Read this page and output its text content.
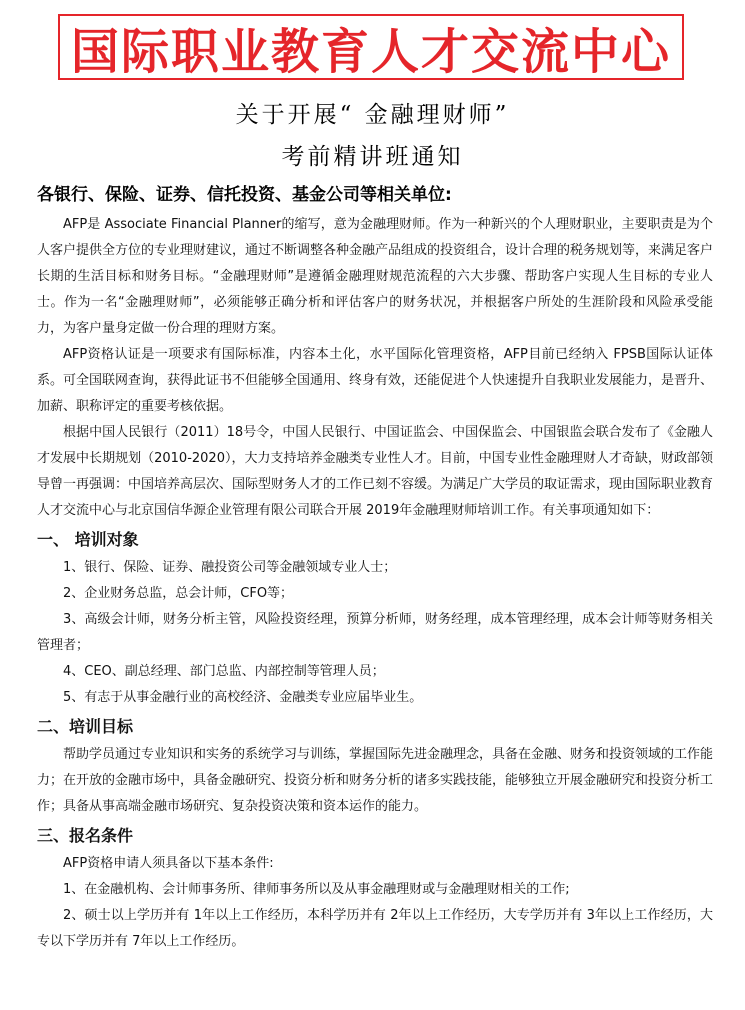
国际职业教育人才交流中心
关于开展“ 金融理财师”
考前精讲班通知
各银行、保险、证券、信托投资、基金公司等相关单位:

AFP是 Associate Financial Planner的缩写，意为金融理财师。作为一种新兴的个人理财职业，主要职责是为个人客户提供全方位的专业理财建议，通过不断调整各种金融产品组成的投资组合，设计合理的税务规划等，来满足客户长期的生活目标和财务目标。“金融理财师”是遵循金融理财规范流程的六大步骤、帮助客户实现人生目标的专业人士。作为一名“金融理财师”，必须能够正确分析和评估客户的财务状况，并根据客户所处的生涯阶段和风险承受能力，为客户量身定做一份合理的理财方案。

AFP资格认证是一项要求有国际标准，内容本土化，水平国际化管理资格，AFP目前已经纳入 FPSB国际认证体系。可全国联网查询，获得此证书不但能够全国通用、终身有效，还能促进个人快速提升自我职业发展能力，是晋升、加薪、职称评定的重要考核依据。

根据中国人民银行（2011）18号令，中国人民银行、中国证监会、中国保监会、中国银监会联合发布了《金融人才发展中长期规划（2010-2020），大力支持培养金融类专业性人才。目前，中国专业性金融理财人才奇缺，财政部领导曾一再强调：中国培养高层次、国际型财务人才的工作已刻不容缓。为满足广大学员的取证需求，现由国际职业教育人才交流中心与北京国信华源企业管理有限公司联合开展 2019年金融理财师培训工作。有关事项通知如下：

一、 培训对象

1、银行、保险、证券、融投资公司等金融领域专业人士；

2、企业财务总监，总会计师，CFO等；

3、高级会计师，财务分析主管，风险投资经理，预算分析师，财务经理，成本管理经理，成本会计师等财务相关管理者；

4、CEO、副总经理、部门总监、内部控制等管理人员；

5、有志于从事金融行业的高校经济、金融类专业应届毕业生。

二、培训目标

帮助学员通过专业知识和实务的系统学习与训练，掌握国际先进金融理念，具备在金融、财务和投资领域的工作能力；在开放的金融市场中，具备金融研究、投资分析和财务分析的诸多实践技能，能够独立开展金融研究和投资分析工作；具备从事高端金融市场研究、复杂投资决策和资本运作的能力。

三、报名条件

AFP资格申请人须具备以下基本条件:

1、在金融机构、会计师事务所、律师事务所以及从事金融理财或与金融理财相关的工作;

2、硕士以上学历并有 1年以上工作经历，本科学历并有 2年以上工作经历，大专学历并有 3年以上工作经历，大专以下学历并有 7年以上工作经历。
